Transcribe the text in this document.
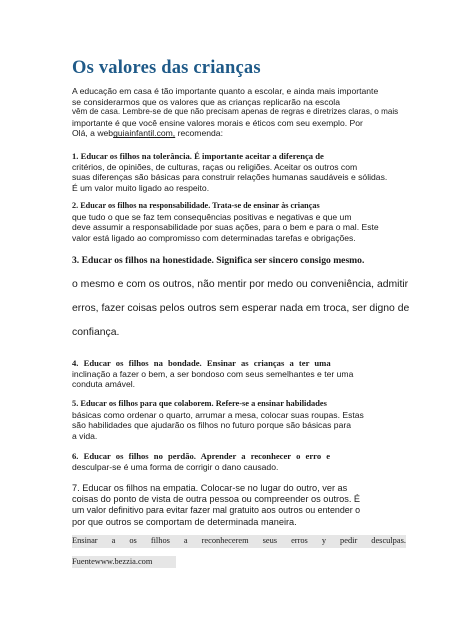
Os valores das crianças
A educação em casa é tão importante quanto a escolar, e ainda mais importante
se considerarmos que os valores que as crianças replicarão na escola
vêm de casa. Lembre-se de que não precisam apenas de regras e diretrizes claras, o mais
importante é que você ensine valores morais e éticos com seu exemplo. Por
Olá, a webguiainfantil.com, recomenda:
1. Educar os filhos na tolerância. É importante aceitar a diferença de
critérios, de opiniões, de culturas, raças ou religiões. Aceitar os outros com
suas diferenças são básicas para construir relações humanas saudáveis e sólidas.
É um valor muito ligado ao respeito.
2. Educar os filhos na responsabilidade. Trata-se de ensinar às crianças
que tudo o que se faz tem consequências positivas e negativas e que um
deve assumir a responsabilidade por suas ações, para o bem e para o mal. Este
valor está ligado ao compromisso com determinadas tarefas e obrigações.
3. Educar os filhos na honestidade. Significa ser sincero consigo mesmo.
o mesmo e com os outros, não mentir por medo ou conveniência, admitir
erros, fazer coisas pelos outros sem esperar nada em troca, ser digno de
confiança.
4. Educar os filhos na bondade. Ensinar as crianças a ter uma
inclinação a fazer o bem, a ser bondoso com seus semelhantes e ter uma
conduta amável.
5. Educar os filhos para que colaborem. Refere-se a ensinar habilidades
básicas como ordenar o quarto, arrumar a mesa, colocar suas roupas. Estas
são habilidades que ajudarão os filhos no futuro porque são básicas para
a vida.
6. Educar os filhos no perdão. Aprender a reconhecer o erro e
desculpar-se é uma forma de corrigir o dano causado.
7. Educar os filhos na empatia. Colocar-se no lugar do outro, ver as
coisas do ponto de vista de outra pessoa ou compreender os outros. É
um valor definitivo para evitar fazer mal gratuito aos outros ou entender o
por que outros se comportam de determinada maneira.
Ensinar a os filhos a reconhecerem seus erros y pedir desculpas.
Fuentewww.bezzia.com
